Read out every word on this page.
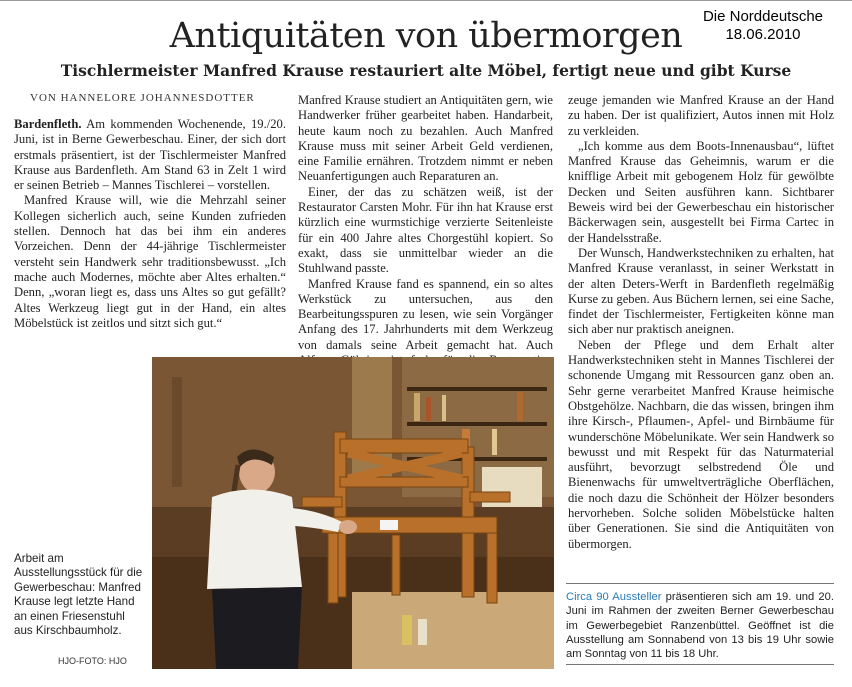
Die Norddeutsche
18.06.2010
Antiquitäten von übermorgen
Tischlermeister Manfred Krause restauriert alte Möbel, fertigt neue und gibt Kurse
VON HANNELORE JOHANNESDOTTER

Bardenfleth. Am kommenden Wochenende, 19./20. Juni, ist in Berne Gewerbeschau. Einer, der sich dort erstmals präsentiert, ist der Tischlermeister Manfred Krause aus Bardenfleth. Am Stand 63 in Zelt 1 wird er seinen Betrieb – Mannes Tischlerei – vorstellen.

Manfred Krause will, wie die Mehrzahl seiner Kollegen sicherlich auch, seine Kunden zufrieden stellen. Dennoch hat das bei ihm ein anderes Vorzeichen. Denn der 44-jährige Tischlermeister versteht sein Handwerk sehr traditionsbewusst. „Ich mache auch Modernes, möchte aber Altes erhalten.“ Denn, „woran liegt es, dass uns Altes so gut gefällt? Altes Werkzeug liegt gut in der Hand, ein altes Möbelstück ist zeitlos und sitzt sich gut.“

Manfred Krause studiert an Antiquitäten gern, wie Handwerker früher gearbeitet haben. Handarbeit, heute kaum noch zu bezahlen. Auch Manfred Krause muss mit seiner Arbeit Geld verdienen, eine Familie ernähren. Trotzdem nimmt er neben Neuanfertigungen auch Reparaturen an.

Einer, der das zu schätzen weiß, ist der Restaurator Carsten Mohr. Für ihn hat Krause erst kürzlich eine wurmstichige verzierte Seitenleiste für ein 400 Jahre altes Chorgestühl kopiert. So exakt, dass sie unmittelbar wieder an die Stuhlwand passte.

Manfred Krause fand es spannend, ein so altes Werkstück zu untersuchen, aus den Bearbeitungsspuren zu lesen, wie sein Vorgänger Anfang des 17. Jahrhunderts mit dem Werkzeug von damals seine Arbeit gemacht hat. Auch

zeuge jemanden wie Manfred Krause an der Hand zu haben. Der ist qualifiziert, Autos innen mit Holz zu verkleiden.

„Ich komme aus dem Boots-Innenausbau“, lüftet Manfred Krause das Geheimnis, warum er die knifflige Arbeit mit gebogenem Holz für gewölbte Decken und Seiten ausführen kann. Sichtbarer Beweis wird bei der Gewerbeschau ein historischer Bäckerwagen sein, ausgestellt bei Firma Cartec in der Handelsstraße.

Der Wunsch, Handwerkstechniken zu erhalten, hat Manfred Krause veranlasst, in seiner Werkstatt in der alten Deters-Werft in Bardenfleth regelmäßig Kurse zu geben. Aus Büchern lernen, sei eine Sache, findet der Tischlermeister, Fertigkeiten könne man sich aber nur praktisch aneignen.

Neben der Pflege und dem Erhalt alter Handwerkstechniken steht in Mannes Tischlerei der schonende Umgang mit Ressourcen ganz oben an. Sehr gerne verarbeitet Manfred Krause heimische Obstgehölze. Nachbarn, die das wissen, bringen ihm ihre Kirsch-, Pflaumen-, Apfel- und Birnbäume für wunderschöne Möbelunikate. Wer sein Handwerk so bewusst und mit Respekt für das Naturmaterial ausführt, bevorzugt selbstredend Öle und Bienenwachs für umweltverträgliche Oberflächen, die noch dazu die Schönheit der Hölzer besonders hervorheben. Solche soliden Möbelstücke halten über Generationen. Sie sind die Antiquitäten von übermorgen.

Arbeit am Ausstellungsstück für die Gewerbeschau: Manfred Krause legt letzte Hand an einen Friesenstuhl aus Kirschbaumholz.
HJO-FOTO: HJO
Circa 90 Aussteller präsentieren sich am 19. und 20. Juni im Rahmen der zweiten Berner Gewerbeschau im Gewerbegebiet Ranzenbüttel. Geöffnet ist die Ausstellung am Sonnabend von 13 bis 19 Uhr sowie am Sonntag von 11 bis 18 Uhr.
